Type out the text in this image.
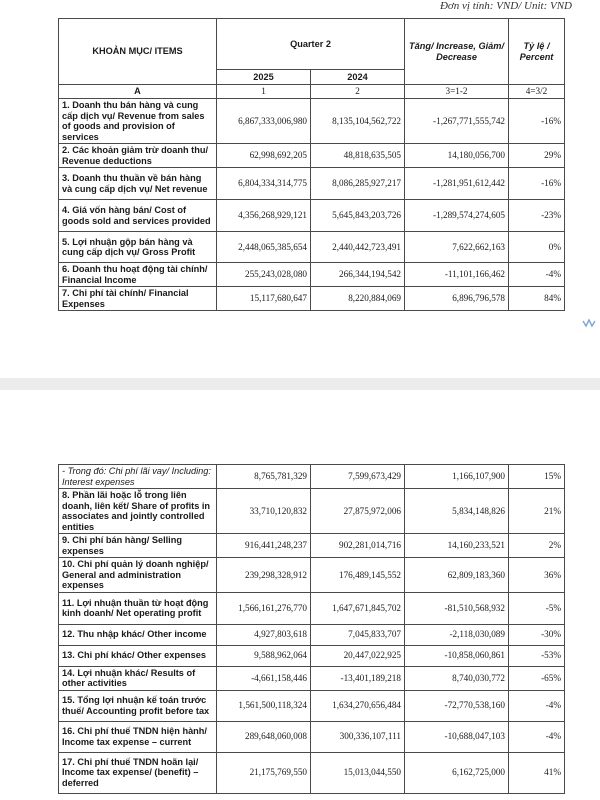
Đơn vị tính: VND/ Unit: VND
KHOẢN MỤC/ ITEMS	Quarter 2		Tăng/ Increase, Giảm/ Decrease	Tỷ lệ / Percent
	2025	2024		
A	1	2	3=1-2	4=3/2
1. Doanh thu bán hàng và cung cấp dịch vụ/ Revenue from sales of goods and provision of services	6,867,333,006,980	8,135,104,562,722	-1,267,771,555,742	-16%
2. Các khoản giảm trừ doanh thu/ Revenue deductions	62,998,692,205	48,818,635,505	14,180,056,700	29%
3. Doanh thu thuần về bán hàng và cung cấp dịch vụ/ Net revenue	6,804,334,314,775	8,086,285,927,217	-1,281,951,612,442	-16%
4. Giá vốn hàng bán/ Cost of goods sold and services provided	4,356,268,929,121	5,645,843,203,726	-1,289,574,274,605	-23%
5. Lợi nhuận gộp bán hàng và cung cấp dịch vụ/ Gross Profit	2,448,065,385,654	2,440,442,723,491	7,622,662,163	0%
6. Doanh thu hoạt động tài chính/ Financial Income	255,243,028,080	266,344,194,542	-11,101,166,462	-4%
7. Chi phí tài chính/ Financial Expenses	15,117,680,647	8,220,884,069	6,896,796,578	84%
- Trong đó: Chi phí lãi vay/ Including: Interest expenses	8,765,781,329	7,599,673,429	1,166,107,900	15%
8. Phần lãi hoặc lỗ trong liên doanh, liên kết/ Share of profits in associates and jointly controlled entities	33,710,120,832	27,875,972,006	5,834,148,826	21%
9. Chi phí bán hàng/ Selling expenses	916,441,248,237	902,281,014,716	14,160,233,521	2%
10. Chi phí quản lý doanh nghiệp/ General and administration expenses	239,298,328,912	176,489,145,552	62,809,183,360	36%
11. Lợi nhuận thuần từ hoạt động kinh doanh/ Net operating profit	1,566,161,276,770	1,647,671,845,702	-81,510,568,932	-5%
12. Thu nhập khác/ Other income	4,927,803,618	7,045,833,707	-2,118,030,089	-30%
13. Chi phí khác/ Other expenses	9,588,962,064	20,447,022,925	-10,858,060,861	-53%
14. Lợi nhuận khác/ Results of other activities	-4,661,158,446	-13,401,189,218	8,740,030,772	-65%
15. Tổng lợi nhuận kế toán trước thuế/ Accounting profit before tax	1,561,500,118,324	1,634,270,656,484	-72,770,538,160	-4%
16. Chi phí thuế TNDN hiện hành/ Income tax expense – current	289,648,060,008	300,336,107,111	-10,688,047,103	-4%
17. Chi phí thuế TNDN hoãn lại/ Income tax expense/ (benefit) – deferred	21,175,769,550	15,013,044,550	6,162,725,000	41%
